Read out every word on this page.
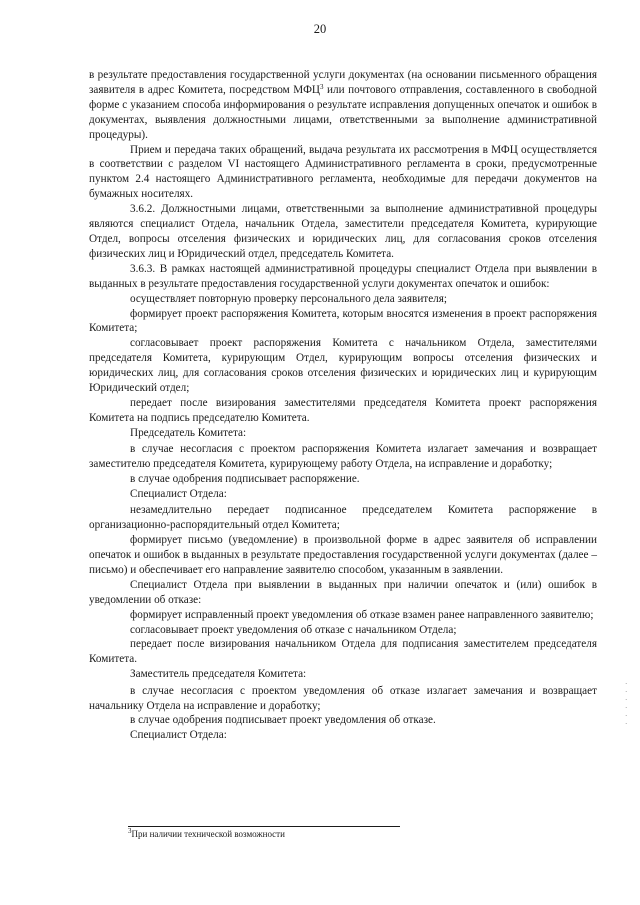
20

в результате предоставления государственной услуги документах (на основании письменного обращения заявителя в адрес Комитета, посредством МФЦ$^3$ или почтового отправления, составленного в свободной форме с указанием способа информирования о результате исправления допущенных опечаток и ошибок в документах, выявления должностными лицами, ответственными за выполнение административной процедуры).

Прием и передача таких обращений, выдача результата их рассмотрения в МФЦ осуществляется в соответствии с разделом VI настоящего Административного регламента в сроки, предусмотренные пунктом 2.4 настоящего Административного регламента, необходимые для передачи документов на бумажных носителях.

3.6.2. Должностными лицами, ответственными за выполнение административной процедуры являются специалист Отдела, начальник Отдела, заместители председателя Комитета, курирующие Отдел, вопросы отселения физических и юридических лиц, для согласования сроков отселения физических лиц и Юридический отдел, председатель Комитета.

3.6.3. В рамках настоящей административной процедуры специалист Отдела при выявлении в выданных в результате предоставления государственной услуги документах опечаток и ошибок:

осуществляет повторную проверку персонального дела заявителя;

формирует проект распоряжения Комитета, которым вносятся изменения в проект распоряжения Комитета;

согласовывает проект распоряжения Комитета с начальником Отдела, заместителями председателя Комитета, курирующим Отдел, курирующим вопросы отселения физических и юридических лиц, для согласования сроков отселения физических и юридических лиц и курирующим Юридический отдел;

передает после визирования заместителями председателя Комитета проект распоряжения Комитета на подпись председателю Комитета.

Председатель Комитета:

в случае несогласия с проектом распоряжения Комитета излагает замечания и возвращает заместителю председателя Комитета, курирующему работу Отдела, на исправление и доработку;

в случае одобрения подписывает распоряжение.

Специалист Отдела:

незамедлительно передает подписанное председателем Комитета распоряжение в организационно-распорядительный отдел Комитета;

формирует письмо (уведомление) в произвольной форме в адрес заявителя об исправлении опечаток и ошибок в выданных в результате предоставления государственной услуги документах (далее – письмо) и обеспечивает его направление заявителю способом, указанным в заявлении.

Специалист Отдела при выявлении в выданных при наличии опечаток и (или) ошибок в уведомлении об отказе:

формирует исправленный проект уведомления об отказе взамен ранее направленного заявителю;

согласовывает проект уведомления об отказе с начальником Отдела;

передает после визирования начальником Отдела для подписания заместителем председателя Комитета.

Заместитель председателя Комитета:

в случае несогласия с проектом уведомления об отказе излагает замечания и возвращает начальнику Отдела на исправление и доработку;

в случае одобрения подписывает проект уведомления об отказе.

Специалист Отдела:

$^3$При наличии технической возможности
·
·
·
·
·
·
